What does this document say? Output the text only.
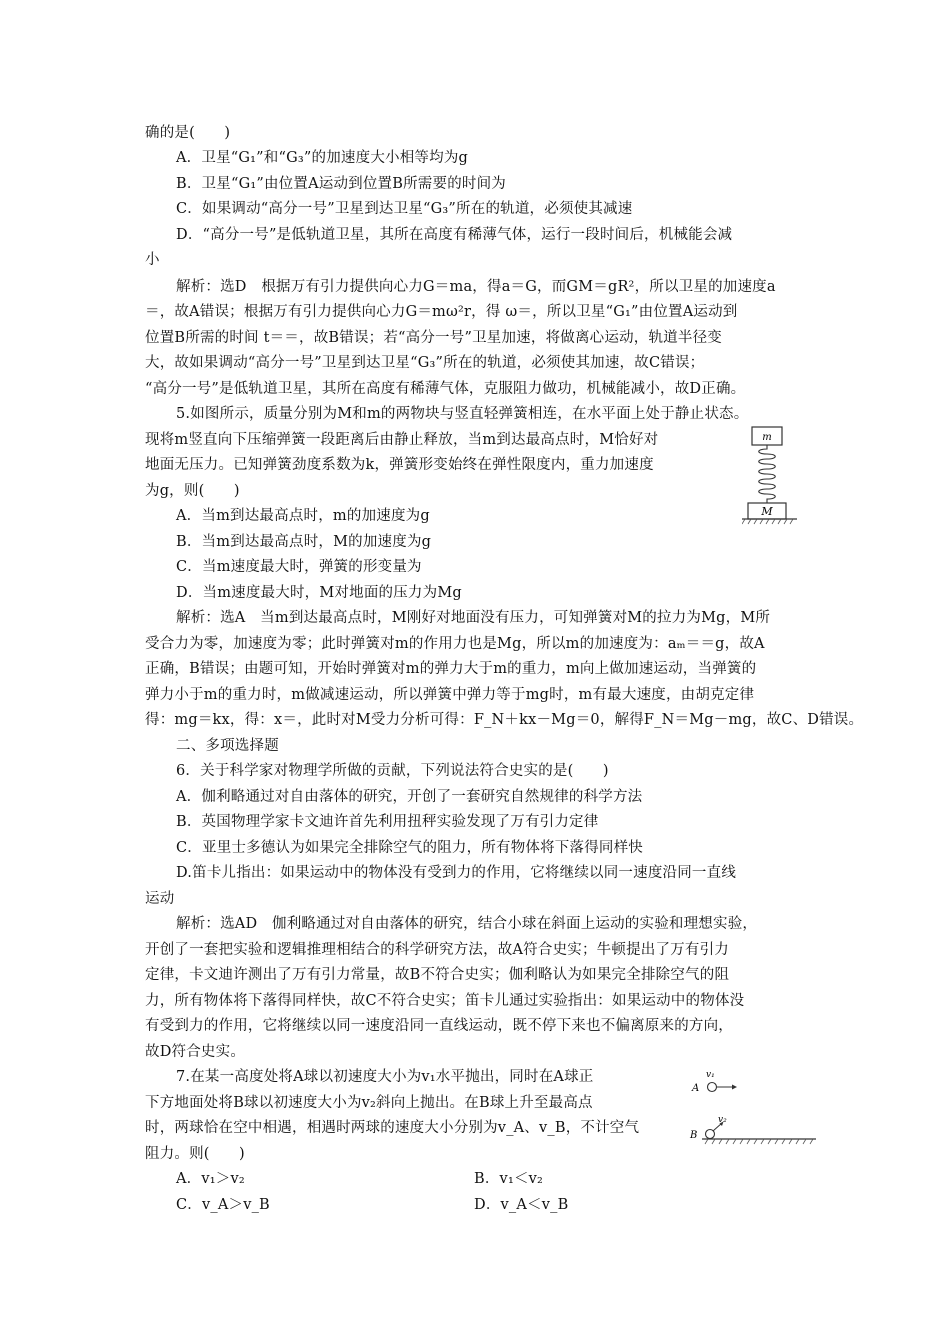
确的是(　　)
A．卫星“G₁”和“G₃”的加速度大小相等均为g
B．卫星“G₁”由位置A运动到位置B所需要的时间为
C．如果调动“高分一号”卫星到达卫星“G₃”所在的轨道，必须使其减速
D．“高分一号”是低轨道卫星，其所在高度有稀薄气体，运行一段时间后，机械能会减
小
解析：选D　根据万有引力提供向心力G＝ma，得a＝G，而GM＝gR²，所以卫星的加速度a
＝，故A错误；根据万有引力提供向心力G＝mω²r，得 ω＝，所以卫星“G₁”由位置A运动到
位置B所需的时间 t＝＝，故B错误；若“高分一号”卫星加速，将做离心运动，轨道半径变
大，故如果调动“高分一号”卫星到达卫星“G₃”所在的轨道，必须使其加速，故C错误；
“高分一号”是低轨道卫星，其所在高度有稀薄气体，克服阻力做功，机械能减小，故D正确。
5.如图所示，质量分别为M和m的两物块与竖直轻弹簧相连，在水平面上处于静止状态。
现将m竖直向下压缩弹簧一段距离后由静止释放，当m到达最高点时，M恰好对
地面无压力。已知弹簧劲度系数为k，弹簧形变始终在弹性限度内，重力加速度
为g，则(　　)
A．当m到达最高点时，m的加速度为g
B．当m到达最高点时，M的加速度为g
C．当m速度最大时，弹簧的形变量为
D．当m速度最大时，M对地面的压力为Mg
m
M
解析：选A　当m到达最高点时，M刚好对地面没有压力，可知弹簧对M的拉力为Mg，M所
受合力为零，加速度为零；此时弹簧对m的作用力也是Mg，所以m的加速度为：aₘ＝＝g，故A
正确，B错误；由题可知，开始时弹簧对m的弹力大于m的重力，m向上做加速运动，当弹簧的
弹力小于m的重力时，m做减速运动，所以弹簧中弹力等于mg时，m有最大速度，由胡克定律
得：mg＝kx，得：x＝，此时对M受力分析可得：F_N＋kx－Mg＝0，解得F_N＝Mg－mg，故C、D错误。
二、多项选择题
6．关于科学家对物理学所做的贡献，下列说法符合史实的是(　　)
A．伽利略通过对自由落体的研究，开创了一套研究自然规律的科学方法
B．英国物理学家卡文迪许首先利用扭秤实验发现了万有引力定律
C．亚里士多德认为如果完全排除空气的阻力，所有物体将下落得同样快
D.笛卡儿指出：如果运动中的物体没有受到力的作用，它将继续以同一速度沿同一直线
运动
解析：选AD　伽利略通过对自由落体的研究，结合小球在斜面上运动的实验和理想实验，
开创了一套把实验和逻辑推理相结合的科学研究方法，故A符合史实；牛顿提出了万有引力
定律，卡文迪许测出了万有引力常量，故B不符合史实；伽利略认为如果完全排除空气的阻
力，所有物体将下落得同样快，故C不符合史实；笛卡儿通过实验指出：如果运动中的物体没
有受到力的作用，它将继续以同一速度沿同一直线运动，既不停下来也不偏离原来的方向，
故D符合史实。
7.在某一高度处将A球以初速度大小为v₁水平抛出，同时在A球正
下方地面处将B球以初速度大小为v₂斜向上抛出。在B球上升至最高点
时，两球恰在空中相遇，相遇时两球的速度大小分别为v_A、v_B，不计空气
阻力。则(　　)
A．v₁＞v₂	B．v₁＜v₂
C．v_A＞v_B	D．v_A＜v_B
A
v₁
B
v₂
